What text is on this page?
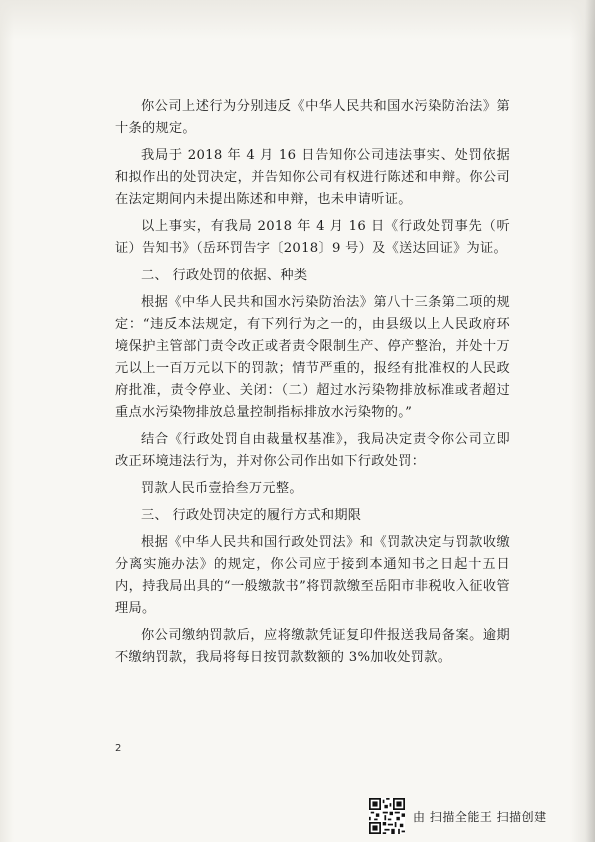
你公司上述行为分别违反《中华人民共和国水污染防治法》第十条的规定。

我局于 2018 年 4 月 16 日告知你公司违法事实、处罚依据和拟作出的处罚决定，并告知你公司有权进行陈述和申辩。你公司在法定期间内未提出陈述和申辩，也未申请听证。

以上事实，有我局 2018 年 4 月 16 日《行政处罚事先（听证）告知书》（岳环罚告字〔2018〕9 号）及《送达回证》为证。

二、 行政处罚的依据、种类

根据《中华人民共和国水污染防治法》第八十三条第二项的规定：“违反本法规定，有下列行为之一的，由县级以上人民政府环境保护主管部门责令改正或者责令限制生产、停产整治，并处十万元以上一百万元以下的罚款；情节严重的，报经有批准权的人民政府批准，责令停业、关闭：（二）超过水污染物排放标准或者超过重点水污染物排放总量控制指标排放水污染物的。”

结合《行政处罚自由裁量权基准》，我局决定责令你公司立即改正环境违法行为，并对你公司作出如下行政处罚：

罚款人民币壹拾叁万元整。

三、 行政处罚决定的履行方式和期限

根据《中华人民共和国行政处罚法》和《罚款决定与罚款收缴分离实施办法》的规定，你公司应于接到本通知书之日起十五日内，持我局出具的“一般缴款书”将罚款缴至岳阳市非税收入征收管理局。

你公司缴纳罚款后，应将缴款凭证复印件报送我局备案。逾期不缴纳罚款，我局将每日按罚款数额的 3%加收处罚款。

2
由 扫描全能王 扫描创建
